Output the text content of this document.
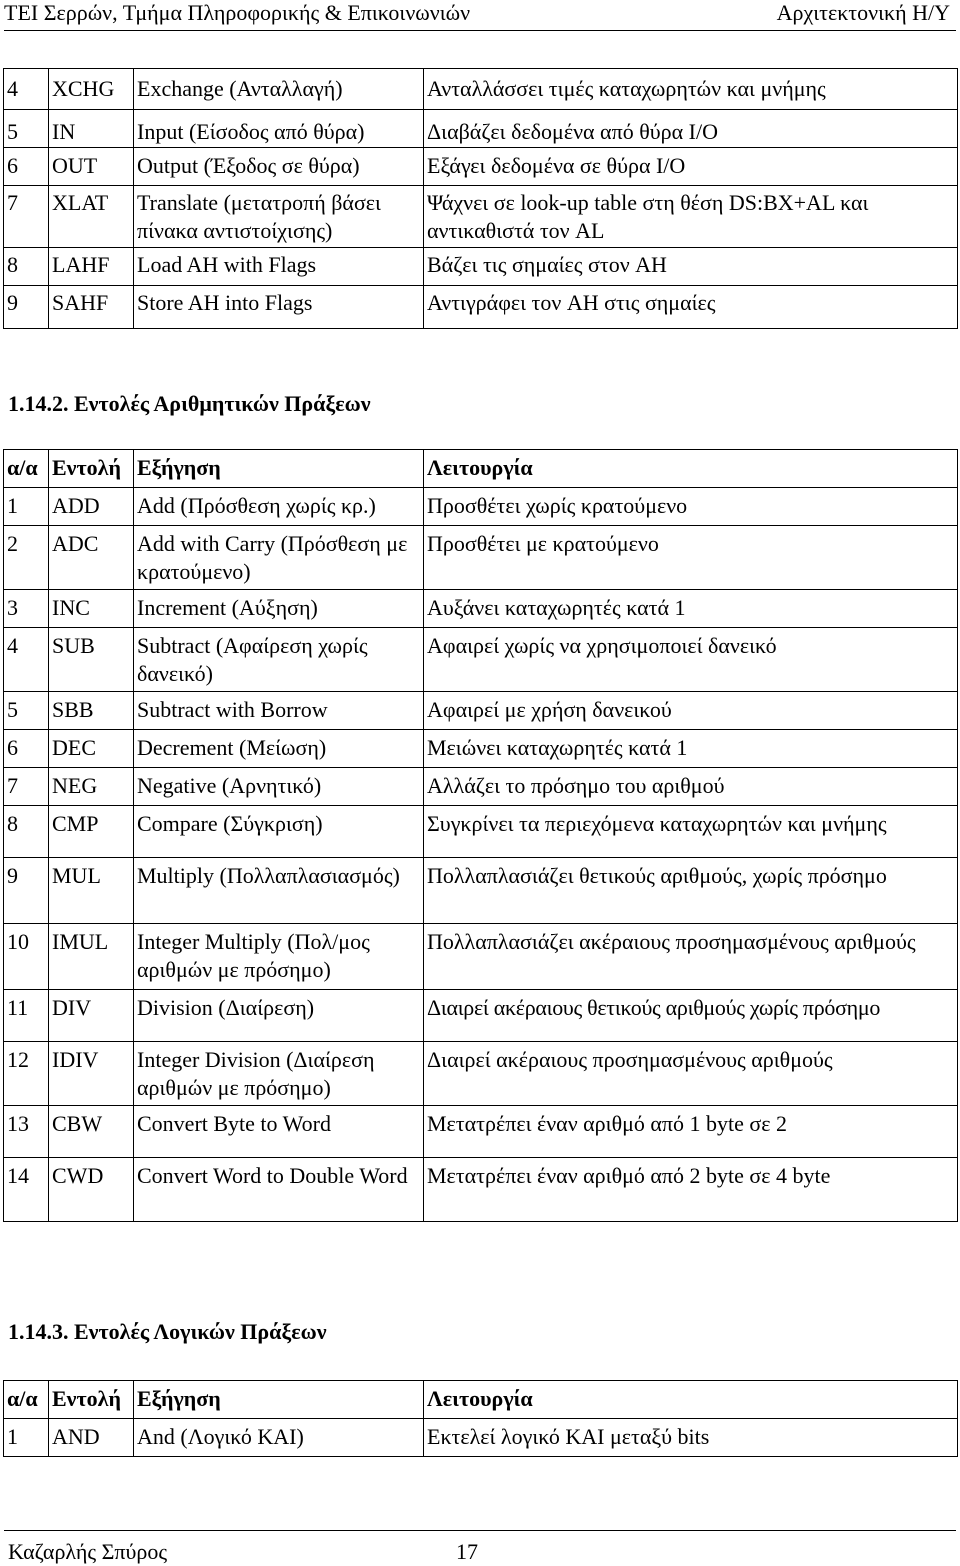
ΤΕΙ Σερρών, Τμήμα Πληροφορικής & Επικοινωνιών	Αρχιτεκτονική Η/Υ
4	XCHG	Exchange (Ανταλλαγή)	Ανταλλάσσει τιμές καταχωρητών και μνήμης
5	IN	Input (Είσοδος από θύρα)	Διαβάζει δεδομένα από θύρα I/O
6	OUT	Output (Έξοδος σε θύρα)	Εξάγει δεδομένα σε θύρα I/O
7	XLAT	Translate (μετατροπή βάσει πίνακα αντιστοίχισης)	Ψάχνει σε look-up table στη θέση DS:BX+AL και αντικαθιστά τον AL
8	LAHF	Load AH with Flags	Βάζει τις σημαίες στον AH
9	SAHF	Store AH into Flags	Αντιγράφει τον AH στις σημαίες
1.14.2. Εντολές Αριθμητικών Πράξεων
α/α	Εντολή	Εξήγηση	Λειτουργία
1	ADD	Add (Πρόσθεση χωρίς κρ.)	Προσθέτει χωρίς κρατούμενο
2	ADC	Add with Carry (Πρόσθεση με κρατούμενο)	Προσθέτει με κρατούμενο
3	INC	Increment (Αύξηση)	Αυξάνει καταχωρητές κατά 1
4	SUB	Subtract (Αφαίρεση χωρίς δανεικό)	Αφαιρεί χωρίς να χρησιμοποιεί δανεικό
5	SBB	Subtract with Borrow	Αφαιρεί με χρήση δανεικού
6	DEC	Decrement (Μείωση)	Μειώνει καταχωρητές κατά 1
7	NEG	Negative (Αρνητικό)	Αλλάζει το πρόσημο του αριθμού
8	CMP	Compare (Σύγκριση)	Συγκρίνει τα περιεχόμενα καταχωρητών και μνήμης
9	MUL	Multiply (Πολλαπλασιασμός)	Πολλαπλασιάζει θετικούς αριθμούς, χωρίς πρόσημο
10	IMUL	Integer Multiply (Πολ/μος αριθμών με πρόσημο)	Πολλαπλασιάζει ακέραιους προσημασμένους αριθμούς
11	DIV	Division (Διαίρεση)	Διαιρεί ακέραιους θετικούς αριθμούς χωρίς πρόσημο
12	IDIV	Integer Division (Διαίρεση αριθμών με πρόσημο)	Διαιρεί ακέραιους προσημασμένους αριθμούς
13	CBW	Convert Byte to Word	Μετατρέπει έναν αριθμό από 1 byte σε 2
14	CWD	Convert Word to Double Word	Μετατρέπει έναν αριθμό από 2 byte σε 4 byte
1.14.3. Εντολές Λογικών Πράξεων
α/α	Εντολή	Εξήγηση	Λειτουργία
1	AND	And (Λογικό ΚΑΙ)	Εκτελεί λογικό ΚΑΙ μεταξύ bits
Καζαρλής Σπύρος	17
